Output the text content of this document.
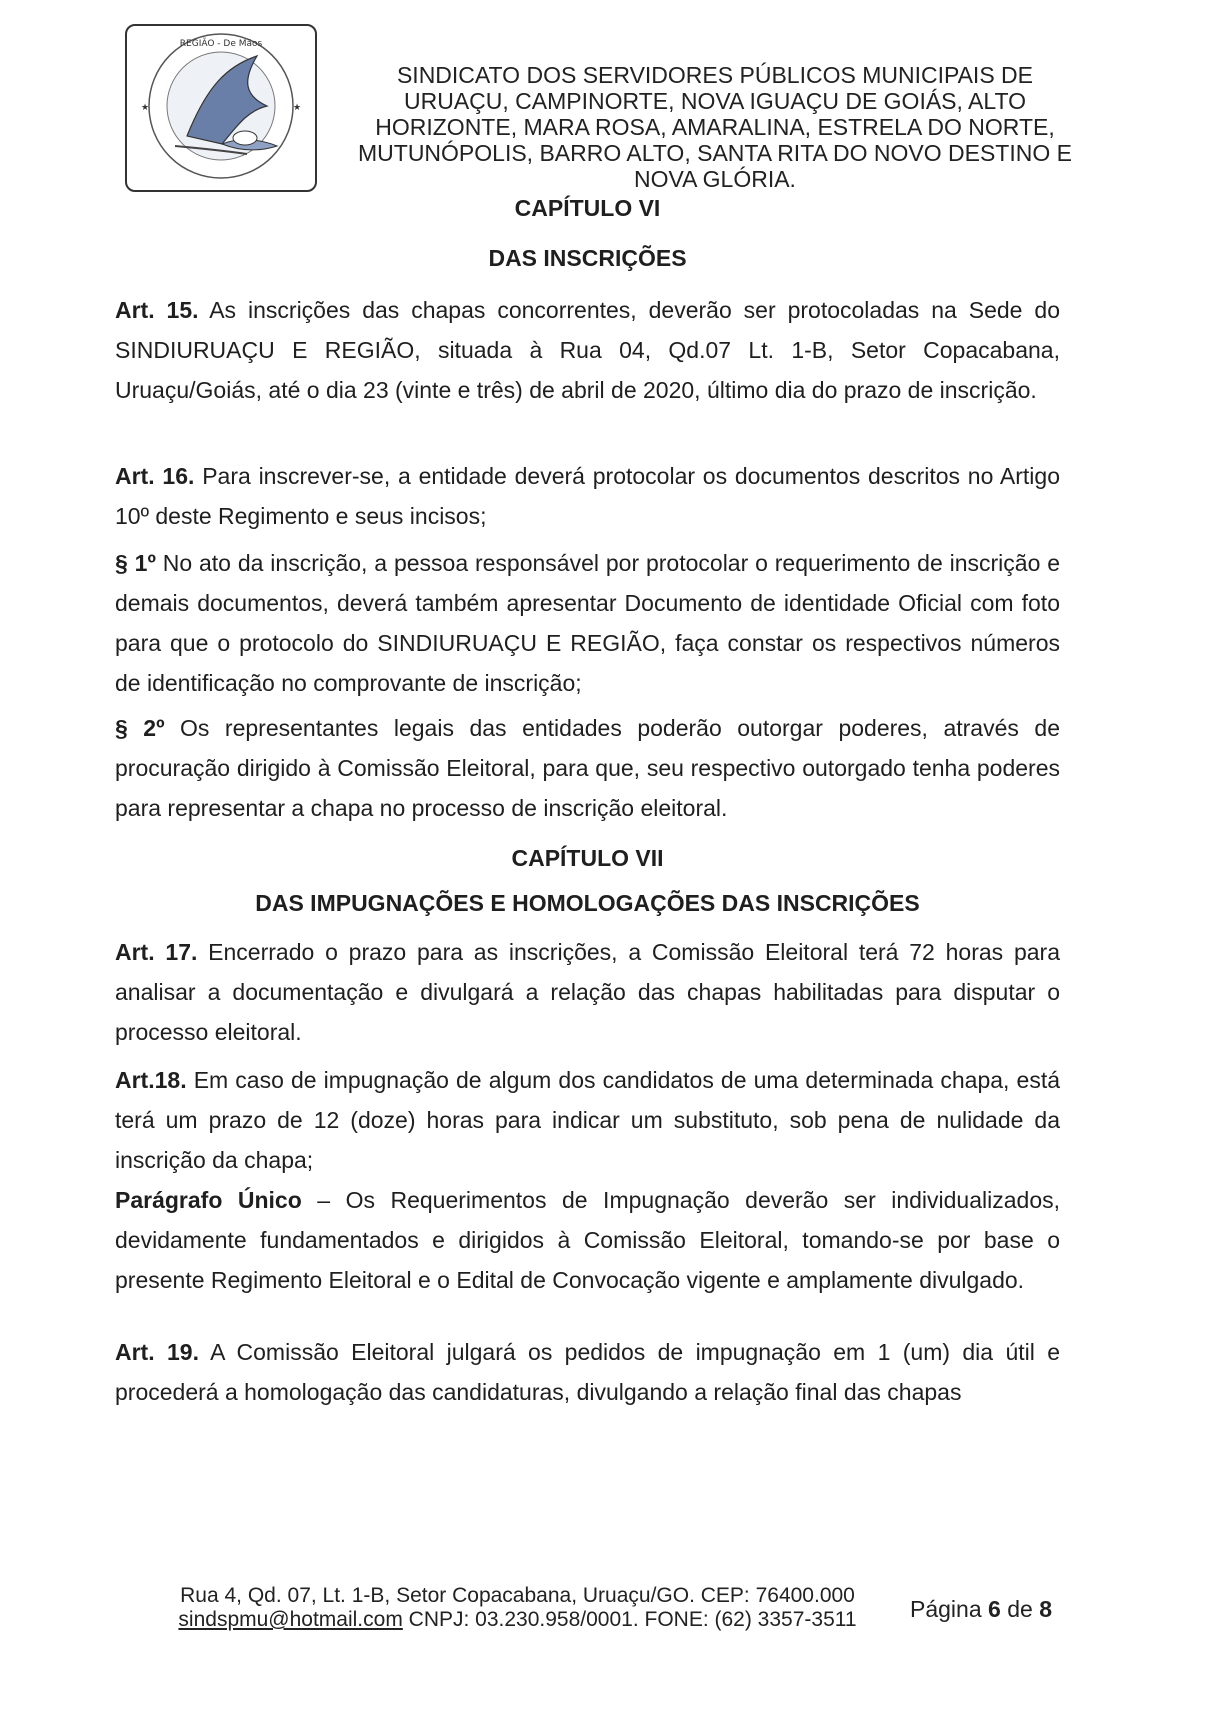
REGIÃO - De Mãos
★	★
SINDICATO DOS SERVIDORES PÚBLICOS MUNICIPAIS DE
URUAÇU, CAMPINORTE, NOVA IGUAÇU DE GOIÁS, ALTO
HORIZONTE, MARA ROSA, AMARALINA, ESTRELA DO NORTE,
MUTUNÓPOLIS, BARRO ALTO, SANTA RITA DO NOVO DESTINO E
NOVA GLÓRIA.
CAPÍTULO VI
DAS INSCRIÇÕES

Art. 15. As inscrições das chapas concorrentes, deverão ser protocoladas na Sede do SINDIURUAÇU E REGIÃO, situada à Rua 04, Qd.07 Lt. 1-B, Setor Copacabana, Uruaçu/Goiás, até o dia 23 (vinte e três) de abril de 2020, último dia do prazo de inscrição.

Art. 16. Para inscrever-se, a entidade deverá protocolar os documentos descritos no Artigo 10º deste Regimento e seus incisos;

§ 1º No ato da inscrição, a pessoa responsável por protocolar o requerimento de inscrição e demais documentos, deverá também apresentar Documento de identidade Oficial com foto para que o protocolo do SINDIURUAÇU E REGIÃO, faça constar os respectivos números de identificação no comprovante de inscrição;

§ 2º Os representantes legais das entidades poderão outorgar poderes, através de procuração dirigido à Comissão Eleitoral, para que, seu respectivo outorgado tenha poderes para representar a chapa no processo de inscrição eleitoral.

CAPÍTULO VII
DAS IMPUGNAÇÕES E HOMOLOGAÇÕES DAS INSCRIÇÕES

Art. 17. Encerrado o prazo para as inscrições, a Comissão Eleitoral terá 72 horas para analisar a documentação e divulgará a relação das chapas habilitadas para disputar o processo eleitoral.

Art.18. Em caso de impugnação de algum dos candidatos de uma determinada chapa, está terá um prazo de 12 (doze) horas para indicar um substituto, sob pena de nulidade da inscrição da chapa;

Parágrafo Único – Os Requerimentos de Impugnação deverão ser individualizados, devidamente fundamentados e dirigidos à Comissão Eleitoral, tomando-se por base o presente Regimento Eleitoral e o Edital de Convocação vigente e amplamente divulgado.

Art. 19. A Comissão Eleitoral julgará os pedidos de impugnação em 1 (um) dia útil e procederá a homologação das candidaturas, divulgando a relação final das chapas

Rua 4, Qd. 07, Lt. 1-B, Setor Copacabana, Uruaçu/GO. CEP: 76400.000
sindspmu@hotmail.com CNPJ: 03.230.958/0001. FONE: (62) 3357-3511	Página 6 de 8
